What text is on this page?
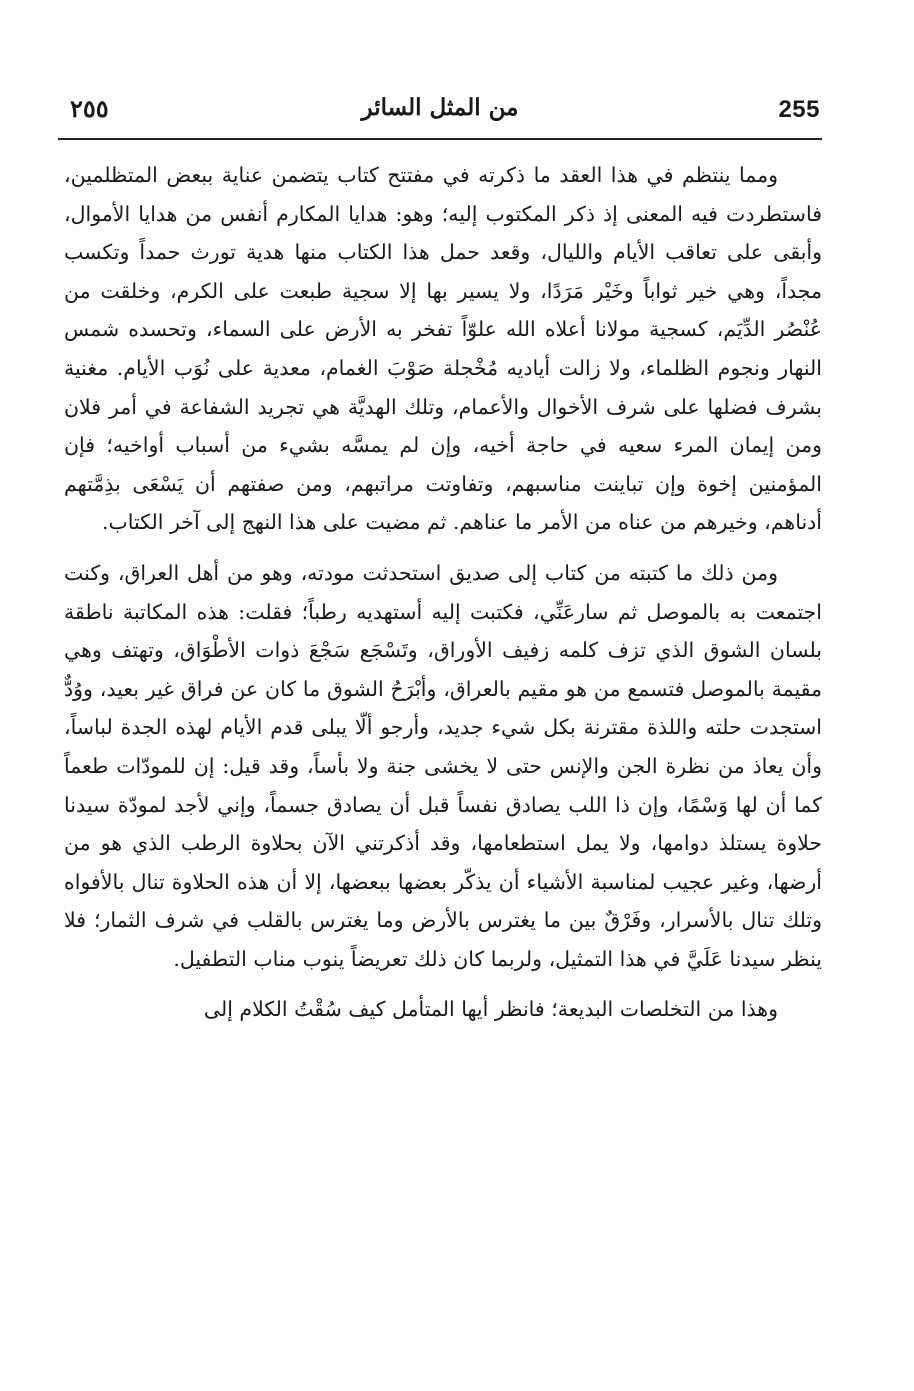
255
من المثل السائر
٢٥٥

ومما ينتظم في هذا العقد ما ذكرته في مفتتح كتاب يتضمن عناية ببعض المتظلمين، فاستطردت فيه المعنى إذ ذكر المكتوب إليه؛ وهو: هدايا المكارم أنفس من هدايا الأموال، وأبقى على تعاقب الأيام والليال، وقعد حمل هذا الكتاب منها هدية تورث حمداً وتكسب مجداً، وهي خير ثواباً وخَيْر مَرَدًا، ولا يسير بها إلا سجية طبعت على الكرم، وخلقت من عُنْصُر الدِّيَم، كسجية مولانا أعلاه الله علوّاً تفخر به الأرض على السماء، وتحسده شمس النهار ونجوم الظلماء، ولا زالت أياديه مُخْجلة صَوْبَ الغمام، معدية على نُوَب الأيام. مغنية بشرف فضلها على شرف الأخوال والأعمام، وتلك الهديَّة هي تجريد الشفاعة في أمر فلان ومن إيمان المرء سعيه في حاجة أخيه، وإن لم يمسَّه بشيء من أسباب أواخيه؛ فإن المؤمنين إخوة وإن تباينت مناسبهم، وتفاوتت مراتبهم، ومن صفتهم أن يَسْعَى بذِمَّتهم أدناهم، وخيرهم من عناه من الأمر ما عناهم. ثم مضيت على هذا النهج إلى آخر الكتاب.

ومن ذلك ما كتبته من كتاب إلى صديق استحدثت مودته، وهو من أهل العراق، وكنت اجتمعت به بالموصل ثم سارعَنِّي، فكتبت إليه أستهديه رطباً؛ فقلت: هذه المكاتبة ناطقة بلسان الشوق الذي تزف كلمه زفيف الأوراق، وتَسْجَع سَجْعَ ذوات الأطْوَاق، وتهتف وهي مقيمة بالموصل فتسمع من هو مقيم بالعراق، وأبْرَحُ الشوق ما كان عن فراق غير بعيد، ووُدٌّ استجدت حلته واللذة مقترنة بكل شيء جديد، وأرجو ألّا يبلى قدم الأيام لهذه الجدة لباساً، وأن يعاذ من نظرة الجن والإنس حتى لا يخشى جنة ولا بأساً، وقد قيل: إن للمودّات طعماً كما أن لها وَسْمًا، وإن ذا اللب يصادق نفساً قبل أن يصادق جسماً، وإني لأجد لمودّة سيدنا حلاوة يستلذ دوامها، ولا يمل استطعامها، وقد أذكرتني الآن بحلاوة الرطب الذي هو من أرضها، وغير عجيب لمناسبة الأشياء أن يذكّر بعضها ببعضها، إلا أن هذه الحلاوة تنال بالأفواه وتلك تنال بالأسرار، وفَرْقٌ بين ما يغترس بالأرض وما يغترس بالقلب في شرف الثمار؛ فلا ينظر سيدنا عَلَيَّ في هذا التمثيل، ولربما كان ذلك تعريضاً ينوب مناب التطفيل.

وهذا من التخلصات البديعة؛ فانظر أيها المتأمل كيف سُقْتُ الكلام إلى
